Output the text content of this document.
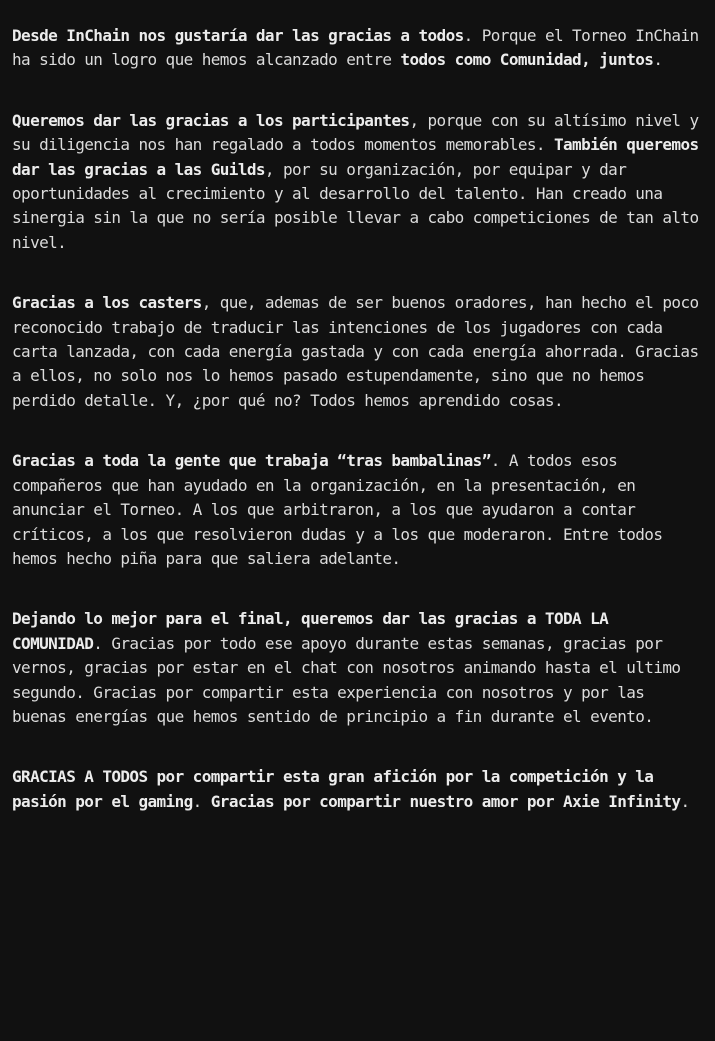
Desde InChain nos gustaría dar las gracias a todos. Porque el Torneo InChain ha sido un logro que hemos alcanzado entre todos como Comunidad, juntos.

Queremos dar las gracias a los participantes, porque con su altísimo nivel y su diligencia nos han regalado a todos momentos memorables. También queremos dar las gracias a las Guilds, por su organización, por equipar y dar oportunidades al crecimiento y al desarrollo del talento. Han creado una sinergia sin la que no sería posible llevar a cabo competiciones de tan alto nivel.

Gracias a los casters, que, ademas de ser buenos oradores, han hecho el poco reconocido trabajo de traducir las intenciones de los jugadores con cada carta lanzada, con cada energía gastada y con cada energía ahorrada. Gracias a ellos, no solo nos lo hemos pasado estupendamente, sino que no hemos perdido detalle. Y, ¿por qué no? Todos hemos aprendido cosas.

Gracias a toda la gente que trabaja “tras bambalinas”. A todos esos compañeros que han ayudado en la organización, en la presentación, en anunciar el Torneo. A los que arbitraron, a los que ayudaron a contar críticos, a los que resolvieron dudas y a los que moderaron. Entre todos hemos hecho piña para que saliera adelante.

Dejando lo mejor para el final, queremos dar las gracias a TODA LA COMUNIDAD. Gracias por todo ese apoyo durante estas semanas, gracias por vernos, gracias por estar en el chat con nosotros animando hasta el ultimo segundo. Gracias por compartir esta experiencia con nosotros y por las buenas energías que hemos sentido de principio a fin durante el evento.

GRACIAS A TODOS por compartir esta gran afición por la competición y la pasión por el gaming. Gracias por compartir nuestro amor por Axie Infinity.
